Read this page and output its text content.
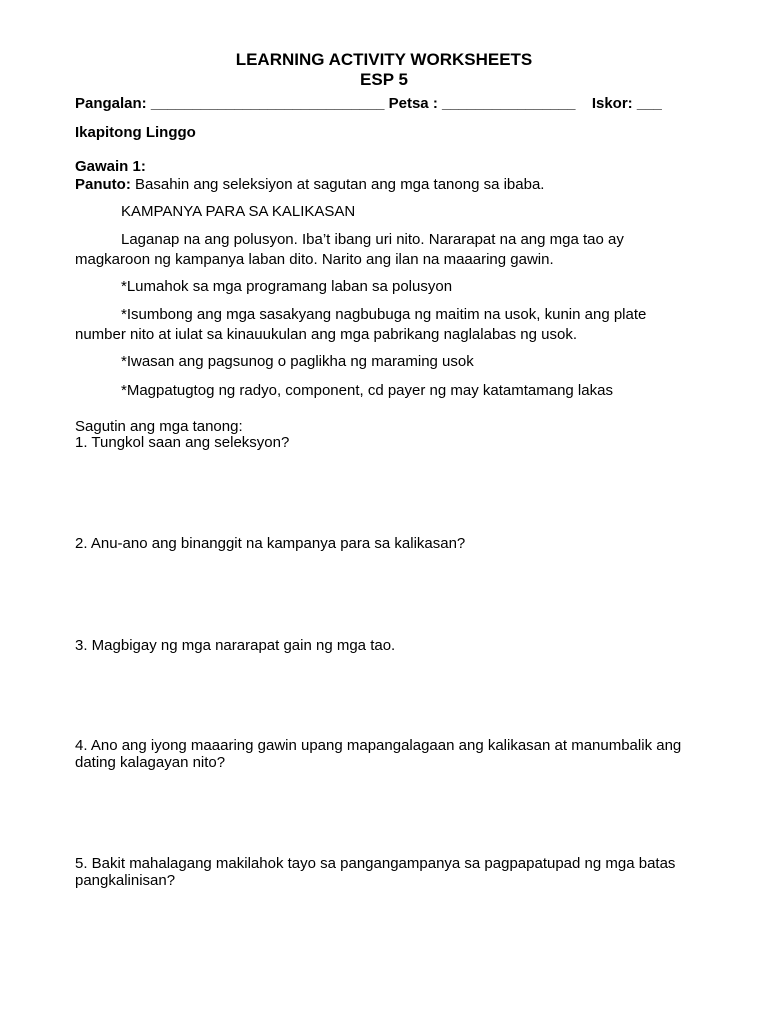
LEARNING ACTIVITY WORKSHEETS
ESP 5
Pangalan: ____________________________ Petsa : ________________ Iskor: ___
Ikapitong Linggo
Gawain 1:
Panuto: Basahin ang seleksiyon at sagutan ang mga tanong sa ibaba.
KAMPANYA PARA SA KALIKASAN
Laganap na ang polusyon. Iba’t ibang uri nito. Nararapat na ang mga tao ay magkaroon ng kampanya laban dito. Narito ang ilan na maaaring gawin.
*Lumahok sa mga programang laban sa polusyon
*Isumbong ang mga sasakyang nagbubuga ng maitim na usok, kunin ang plate number nito at iulat sa kinauukulan ang mga pabrikang naglalabas ng usok.
*Iwasan ang pagsunog o paglikha ng maraming usok
*Magpatugtog ng radyo, component, cd payer ng may katamtamang lakas
Sagutin ang mga tanong:
1. Tungkol saan ang seleksyon?
2. Anu-ano ang binanggit na kampanya para sa kalikasan?
3. Magbigay ng mga nararapat gain ng mga tao.
4. Ano ang iyong maaaring gawin upang mapangalagaan ang kalikasan at manumbalik ang dating kalagayan nito?
5. Bakit mahalagang makilahok tayo sa pangangampanya sa pagpapatupad ng mga batas pangkalinisan?
